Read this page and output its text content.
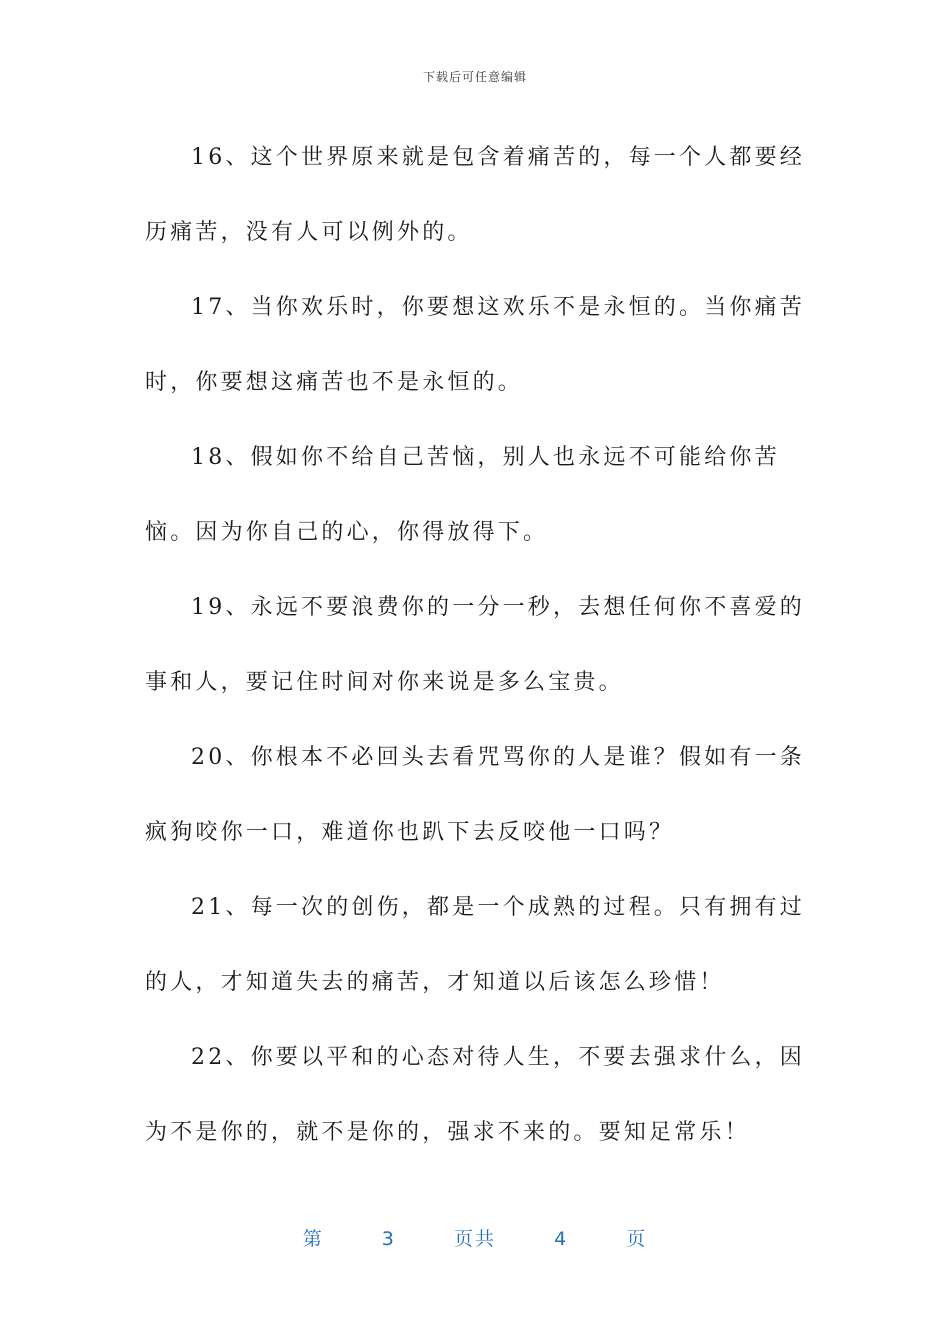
下载后可任意编辑

16、这个世界原来就是包含着痛苦的，每一个人都要经历痛苦，没有人可以例外的。

17、当你欢乐时，你要想这欢乐不是永恒的。当你痛苦时，你要想这痛苦也不是永恒的。

18、假如你不给自己苦恼，别人也永远不可能给你苦恼。因为你自己的心，你得放得下。

19、永远不要浪费你的一分一秒，去想任何你不喜爱的事和人，要记住时间对你来说是多么宝贵。

20、你根本不必回头去看咒骂你的人是谁？假如有一条疯狗咬你一口，难道你也趴下去反咬他一口吗？

21、每一次的创伤，都是一个成熟的过程。只有拥有过的人，才知道失去的痛苦，才知道以后该怎么珍惜！

22、你要以平和的心态对待人生，不要去强求什么，因为不是你的，就不是你的，强求不来的。要知足常乐！

第	3	页共	4	页
